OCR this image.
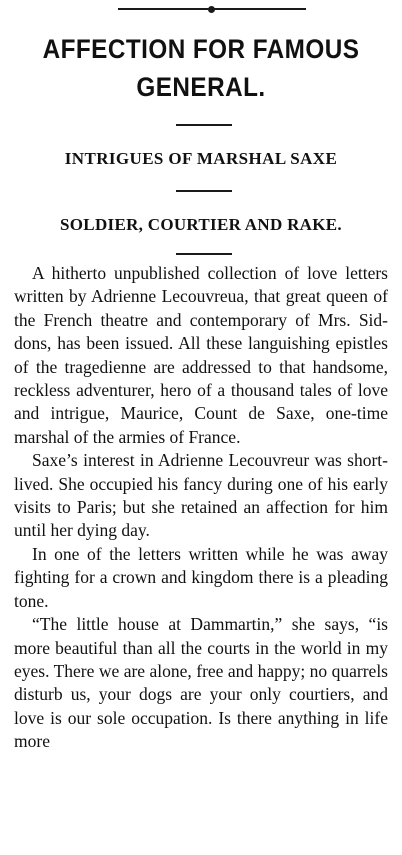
AFFECTION FOR FAMOUS
GENERAL.
INTRIGUES OF MARSHAL SAXE
SOLDIER, COURTIER AND RAKE.

A hitherto unpublished collection of love letters written by Adrienne Lecouvreua, that great queen of the French theatre and contemporary of Mrs. Siddons, has been issued. All these languishing epistles of the tragedienne are addressed to that handsome, reckless adventurer, hero of a thousand tales of love and intrigue, Maurice, Count de Saxe, one-time marshal of the armies of France.

Saxe’s interest in Adrienne Lecouvreur was short-lived. She occupied his fancy during one of his early visits to Paris; but she retained an affection for him until her dying day.

In one of the letters written while he was away fighting for a crown and kingdom there is a pleading tone.

“The little house at Dammartin,” she says, “is more beautiful than all the courts in the world in my eyes. There we are alone, free and happy; no quarrels disturb us, your dogs are your only courtiers, and love is our sole occupation. Is there anything in life more
